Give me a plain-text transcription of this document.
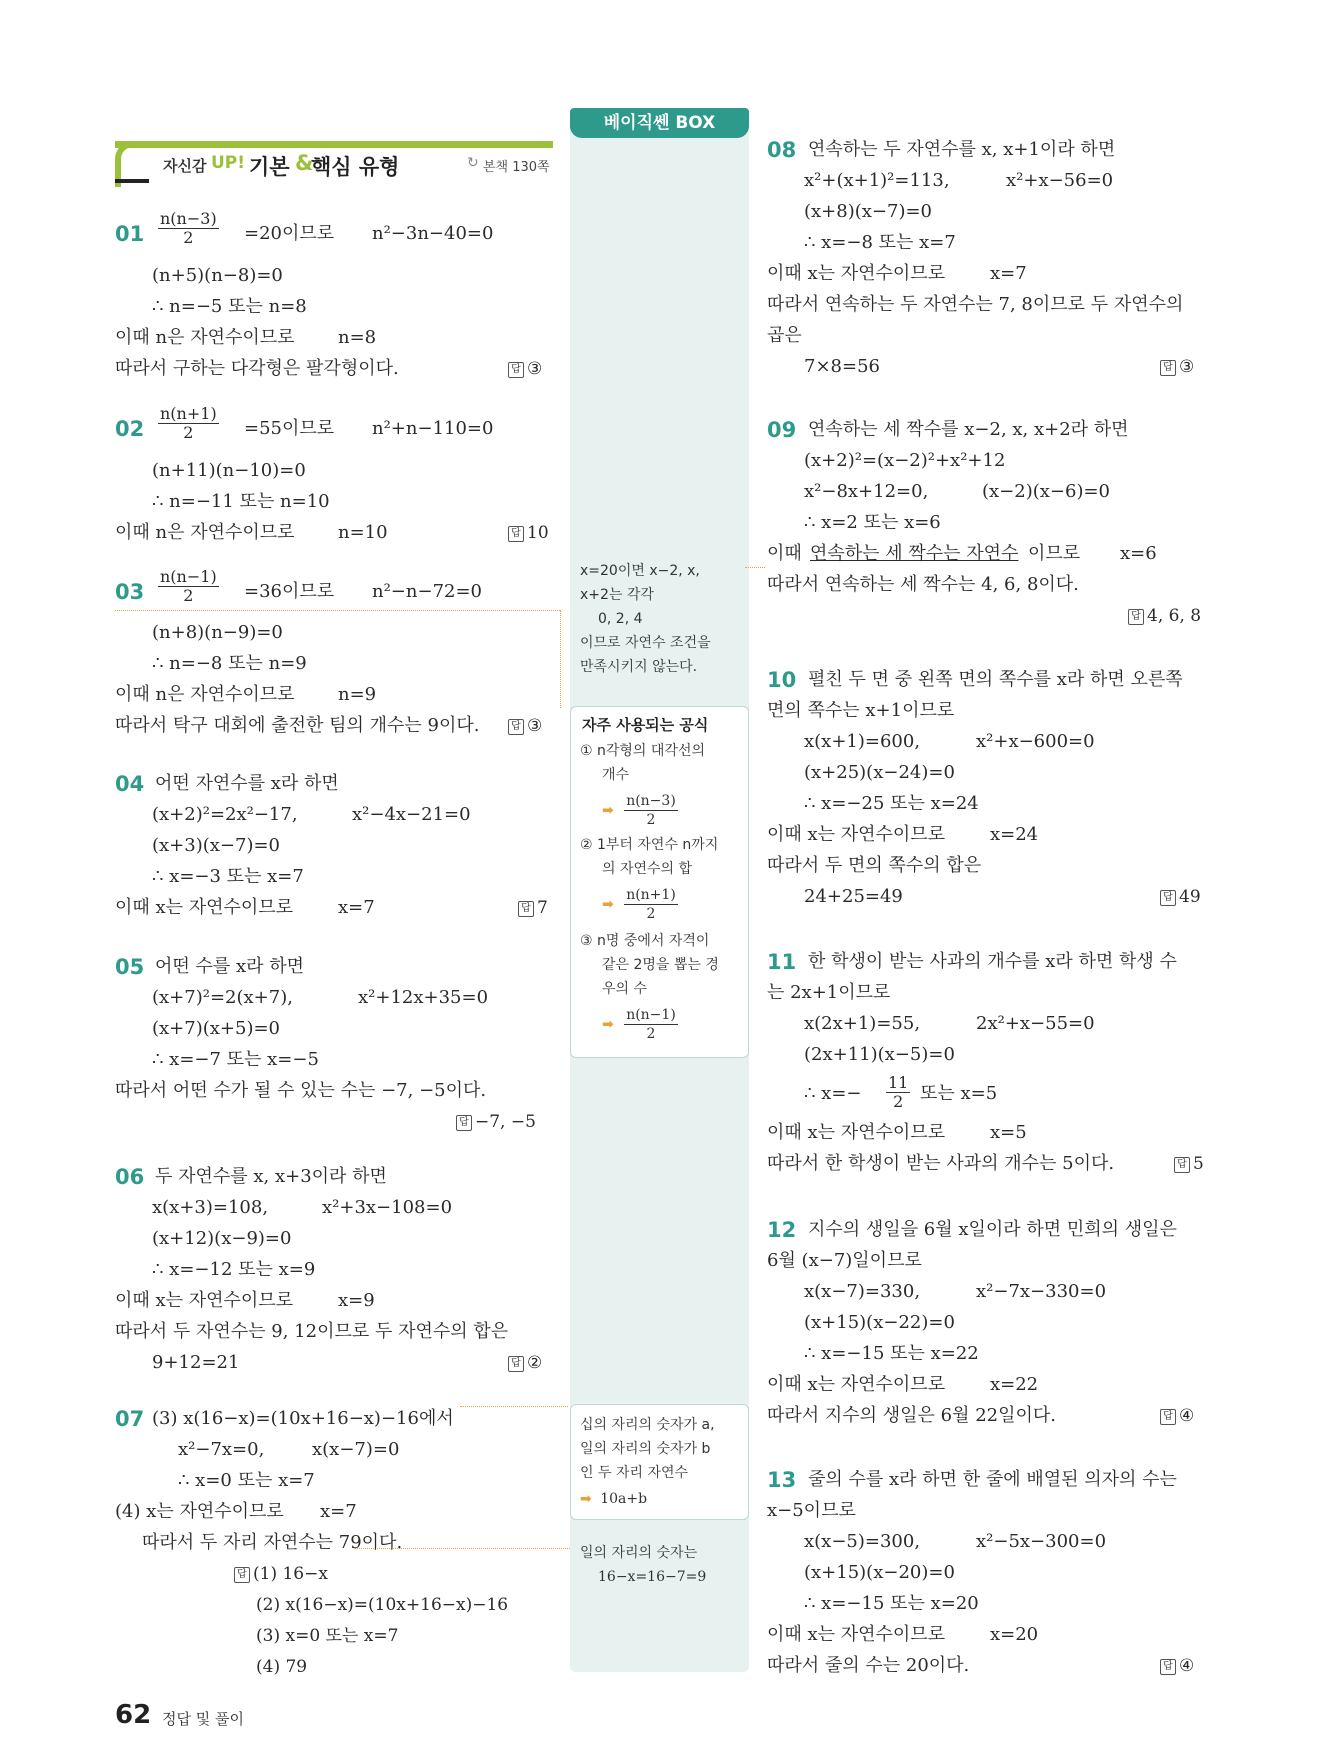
자신감 UP! 기본 &
핵심 유형	↻ 본책 130쪽
베이직쎈 BOX
x=20이면 x−2, x,
x+2는 각각
0, 2, 4
이므로 자연수 조건을
만족시키지 않는다.
자주 사용되는 공식
① n각형의 대각선의
개수
➡ $\frac{n(n-3)}{2}$
② 1부터 자연수 n까지
의 자연수의 합
➡ $\frac{n(n+1)}{2}$
③ n명 중에서 자격이
같은 2명을 뽑는 경
우의 수
➡ $\frac{n(n-1)}{2}$
십의 자리의 숫자가 a,
일의 자리의 숫자가 b
인 두 자리 자연수
➡ 10a+b
일의 자리의 숫자는
16−x=16−7=9
$01 \frac{n(n-3)}{2} =20$이므로 n²−3n−40=0
(n+5)(n−8)=0
∴ n=−5 또는 n=8
이때 n은 자연수이므로 n=8
따라서 구하는 다각형은 팔각형이다.	답 ③
$02 \frac{n(n+1)}{2} =55$이므로 n²+n−110=0
(n+11)(n−10)=0
∴ n=−11 또는 n=10
이때 n은 자연수이므로 n=10	답 10
$03 \frac{n(n-1)}{2} =36$이므로 n²−n−72=0
(n+8)(n−9)=0
∴ n=−8 또는 n=9
이때 n은 자연수이므로 n=9
따라서 탁구 대회에 출전한 팀의 개수는 9이다.	답 ③
04 어떤 자연수를 x라 하면
(x+2)²=2x²−17,	x²−4x−21=0
(x+3)(x−7)=0
∴ x=−3 또는 x=7
이때 x는 자연수이므로 x=7	답 7
05 어떤 수를 x라 하면
(x+7)²=2(x+7),	x²+12x+35=0
(x+7)(x+5)=0
∴ x=−7 또는 x=−5
따라서 어떤 수가 될 수 있는 수는 −7, −5이다.
답 −7, −5
06 두 자연수를 x, x+3이라 하면
x(x+3)=108,	x²+3x−108=0
(x+12)(x−9)=0
∴ x=−12 또는 x=9
이때 x는 자연수이므로 x=9
따라서 두 자연수는 9, 12이므로 두 자연수의 합은
9+12=21	답 ②
07 (3) x(16−x)=(10x+16−x)−16에서
x²−7x=0,	x(x−7)=0
∴ x=0 또는 x=7
(4) x는 자연수이므로 x=7
따라서 두 자리 자연수는 79이다.
답 (1) 16−x
(2) x(16−x)=(10x+16−x)−16
(3) x=0 또는 x=7
(4) 79
08 연속하는 두 자연수를 x, x+1이라 하면
x²+(x+1)²=113,	x²+x−56=0
(x+8)(x−7)=0
∴ x=−8 또는 x=7
이때 x는 자연수이므로 x=7
따라서 연속하는 두 자연수는 7, 8이므로 두 자연수의
곱은
7×8=56	답 ③
09 연속하는 세 짝수를 x−2, x, x+2라 하면
(x+2)²=(x−2)²+x²+12
x²−8x+12=0,	(x−2)(x−6)=0
∴ x=2 또는 x=6
이때 연속하는 세 짝수는 자연수 이므로 x=6
따라서 연속하는 세 짝수는 4, 6, 8이다.
답 4, 6, 8
10 펼친 두 면 중 왼쪽 면의 쪽수를 x라 하면 오른쪽
면의 쪽수는 x+1이므로
x(x+1)=600,	x²+x−600=0
(x+25)(x−24)=0
∴ x=−25 또는 x=24
이때 x는 자연수이므로 x=24
따라서 두 면의 쪽수의 합은
24+25=49	답 49
11 한 학생이 받는 사과의 개수를 x라 하면 학생 수
는 2x+1이므로
x(2x+1)=55,	2x²+x−55=0
(2x+11)(x−5)=0
∴ $x=- \frac{11}{2}$ 또는 x=5
이때 x는 자연수이므로 x=5
따라서 한 학생이 받는 사과의 개수는 5이다.	답 5
12 지수의 생일을 6월 x일이라 하면 민희의 생일은
6월 (x−7)일이므로
x(x−7)=330,	x²−7x−330=0
(x+15)(x−22)=0
∴ x=−15 또는 x=22
이때 x는 자연수이므로 x=22
따라서 지수의 생일은 6월 22일이다.	답 ④
13 줄의 수를 x라 하면 한 줄에 배열된 의자의 수는
x−5이므로
x(x−5)=300,	x²−5x−300=0
(x+15)(x−20)=0
∴ x=−15 또는 x=20
이때 x는 자연수이므로 x=20
따라서 줄의 수는 20이다.	답 ④
62 정답 및 풀이
